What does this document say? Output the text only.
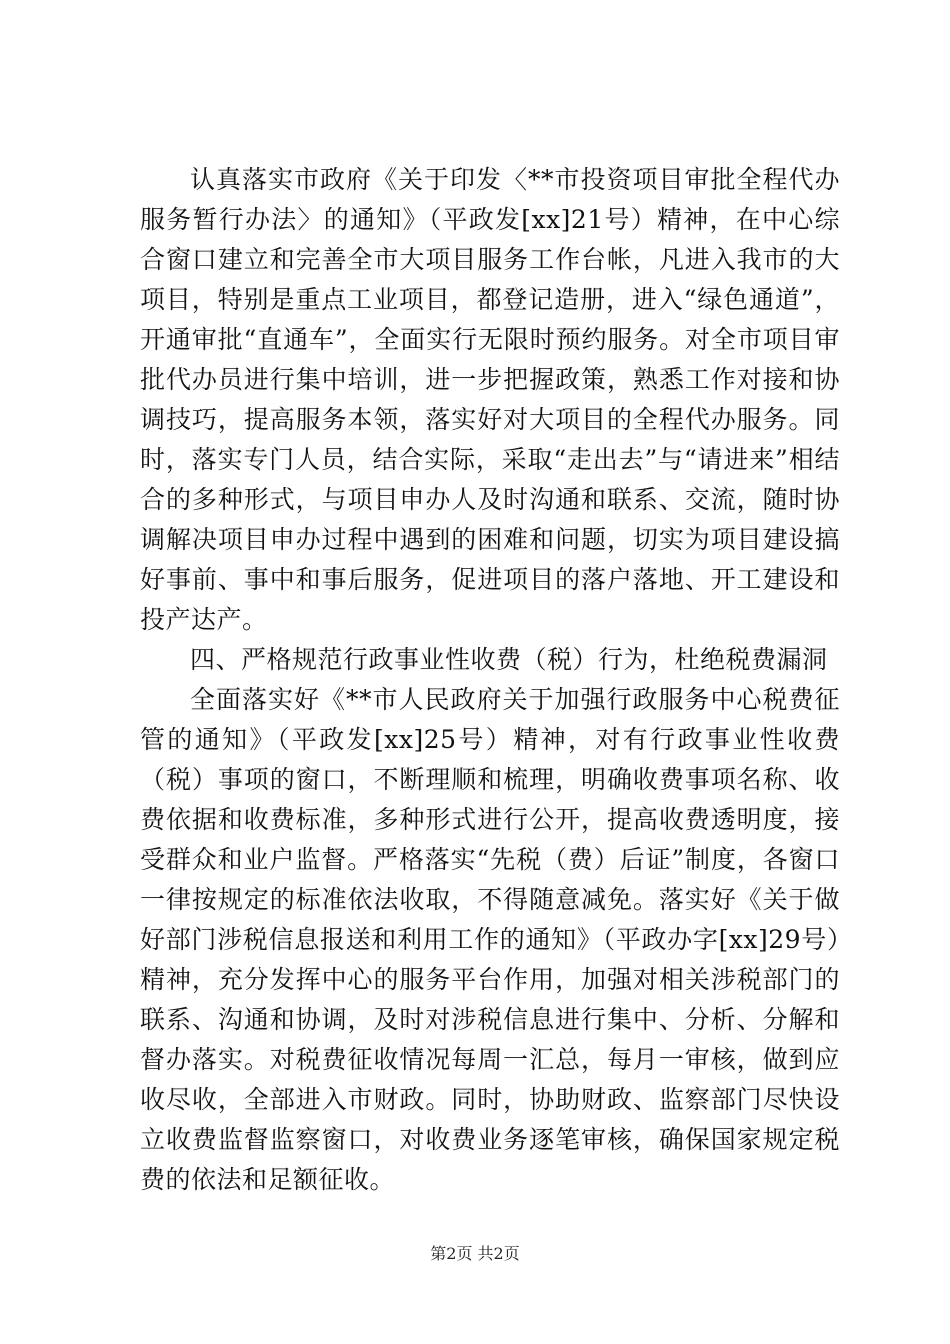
认真落实市政府《关于印发〈**市投资项目审批全程代办服务暂行办法〉的通知》（平政发[xx]21号）精神，在中心综合窗口建立和完善全市大项目服务工作台帐，凡进入我市的大项目，特别是重点工业项目，都登记造册，进入“绿色通道”，开通审批“直通车”，全面实行无限时预约服务。对全市项目审批代办员进行集中培训，进一步把握政策，熟悉工作对接和协调技巧，提高服务本领，落实好对大项目的全程代办服务。同时，落实专门人员，结合实际，采取“走出去”与“请进来”相结合的多种形式，与项目申办人及时沟通和联系、交流，随时协调解决项目申办过程中遇到的困难和问题，切实为项目建设搞好事前、事中和事后服务，促进项目的落户落地、开工建设和投产达产。

四、严格规范行政事业性收费（税）行为，杜绝税费漏洞

全面落实好《**市人民政府关于加强行政服务中心税费征管的通知》（平政发[xx]25号）精神，对有行政事业性收费（税）事项的窗口，不断理顺和梳理，明确收费事项名称、收费依据和收费标准，多种形式进行公开，提高收费透明度，接受群众和业户监督。严格落实“先税（费）后证”制度，各窗口一律按规定的标准依法收取，不得随意减免。落实好《关于做好部门涉税信息报送和利用工作的通知》（平政办字[xx]29号）精神，充分发挥中心的服务平台作用，加强对相关涉税部门的联系、沟通和协调，及时对涉税信息进行集中、分析、分解和督办落实。对税费征收情况每周一汇总，每月一审核，做到应收尽收，全部进入市财政。同时，协助财政、监察部门尽快设立收费监督监察窗口，对收费业务逐笔审核，确保国家规定税费的依法和足额征收。

第2页 共2页
